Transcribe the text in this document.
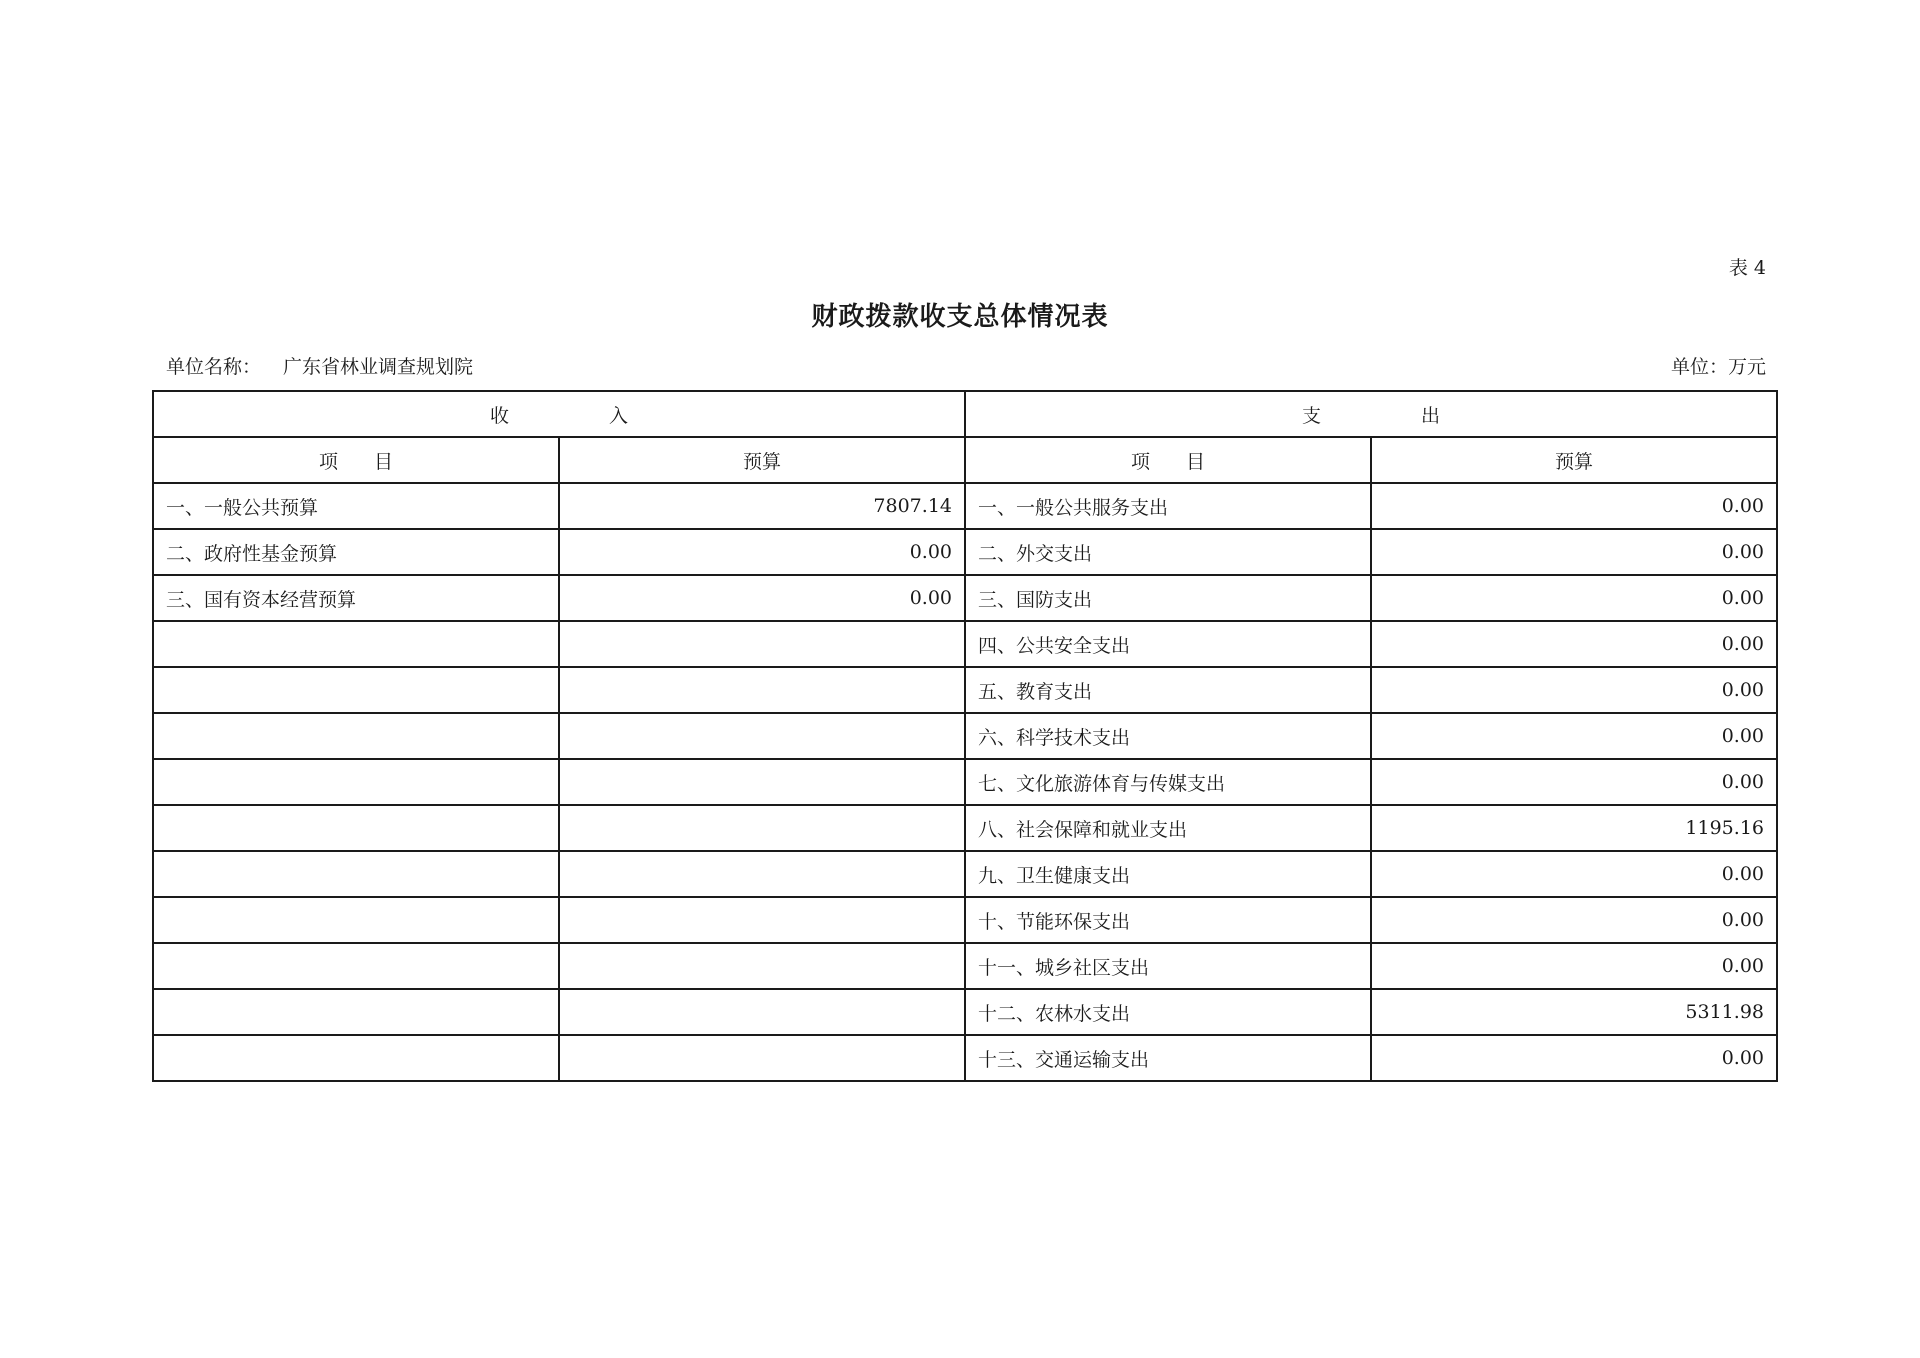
表 4
财政拨款收支总体情况表
单位名称： 广东省林业调查规划院	单位：万元
收 入		支 出	
项 目	预算	项 目	预算
一、一般公共预算	7807.14	一、一般公共服务支出	0.00
二、政府性基金预算	0.00	二、外交支出	0.00
三、国有资本经营预算	0.00	三、国防支出	0.00
		四、公共安全支出	0.00
		五、教育支出	0.00
		六、科学技术支出	0.00
		七、文化旅游体育与传媒支出	0.00
		八、社会保障和就业支出	1195.16
		九、卫生健康支出	0.00
		十、节能环保支出	0.00
		十一、城乡社区支出	0.00
		十二、农林水支出	5311.98
		十三、交通运输支出	0.00
